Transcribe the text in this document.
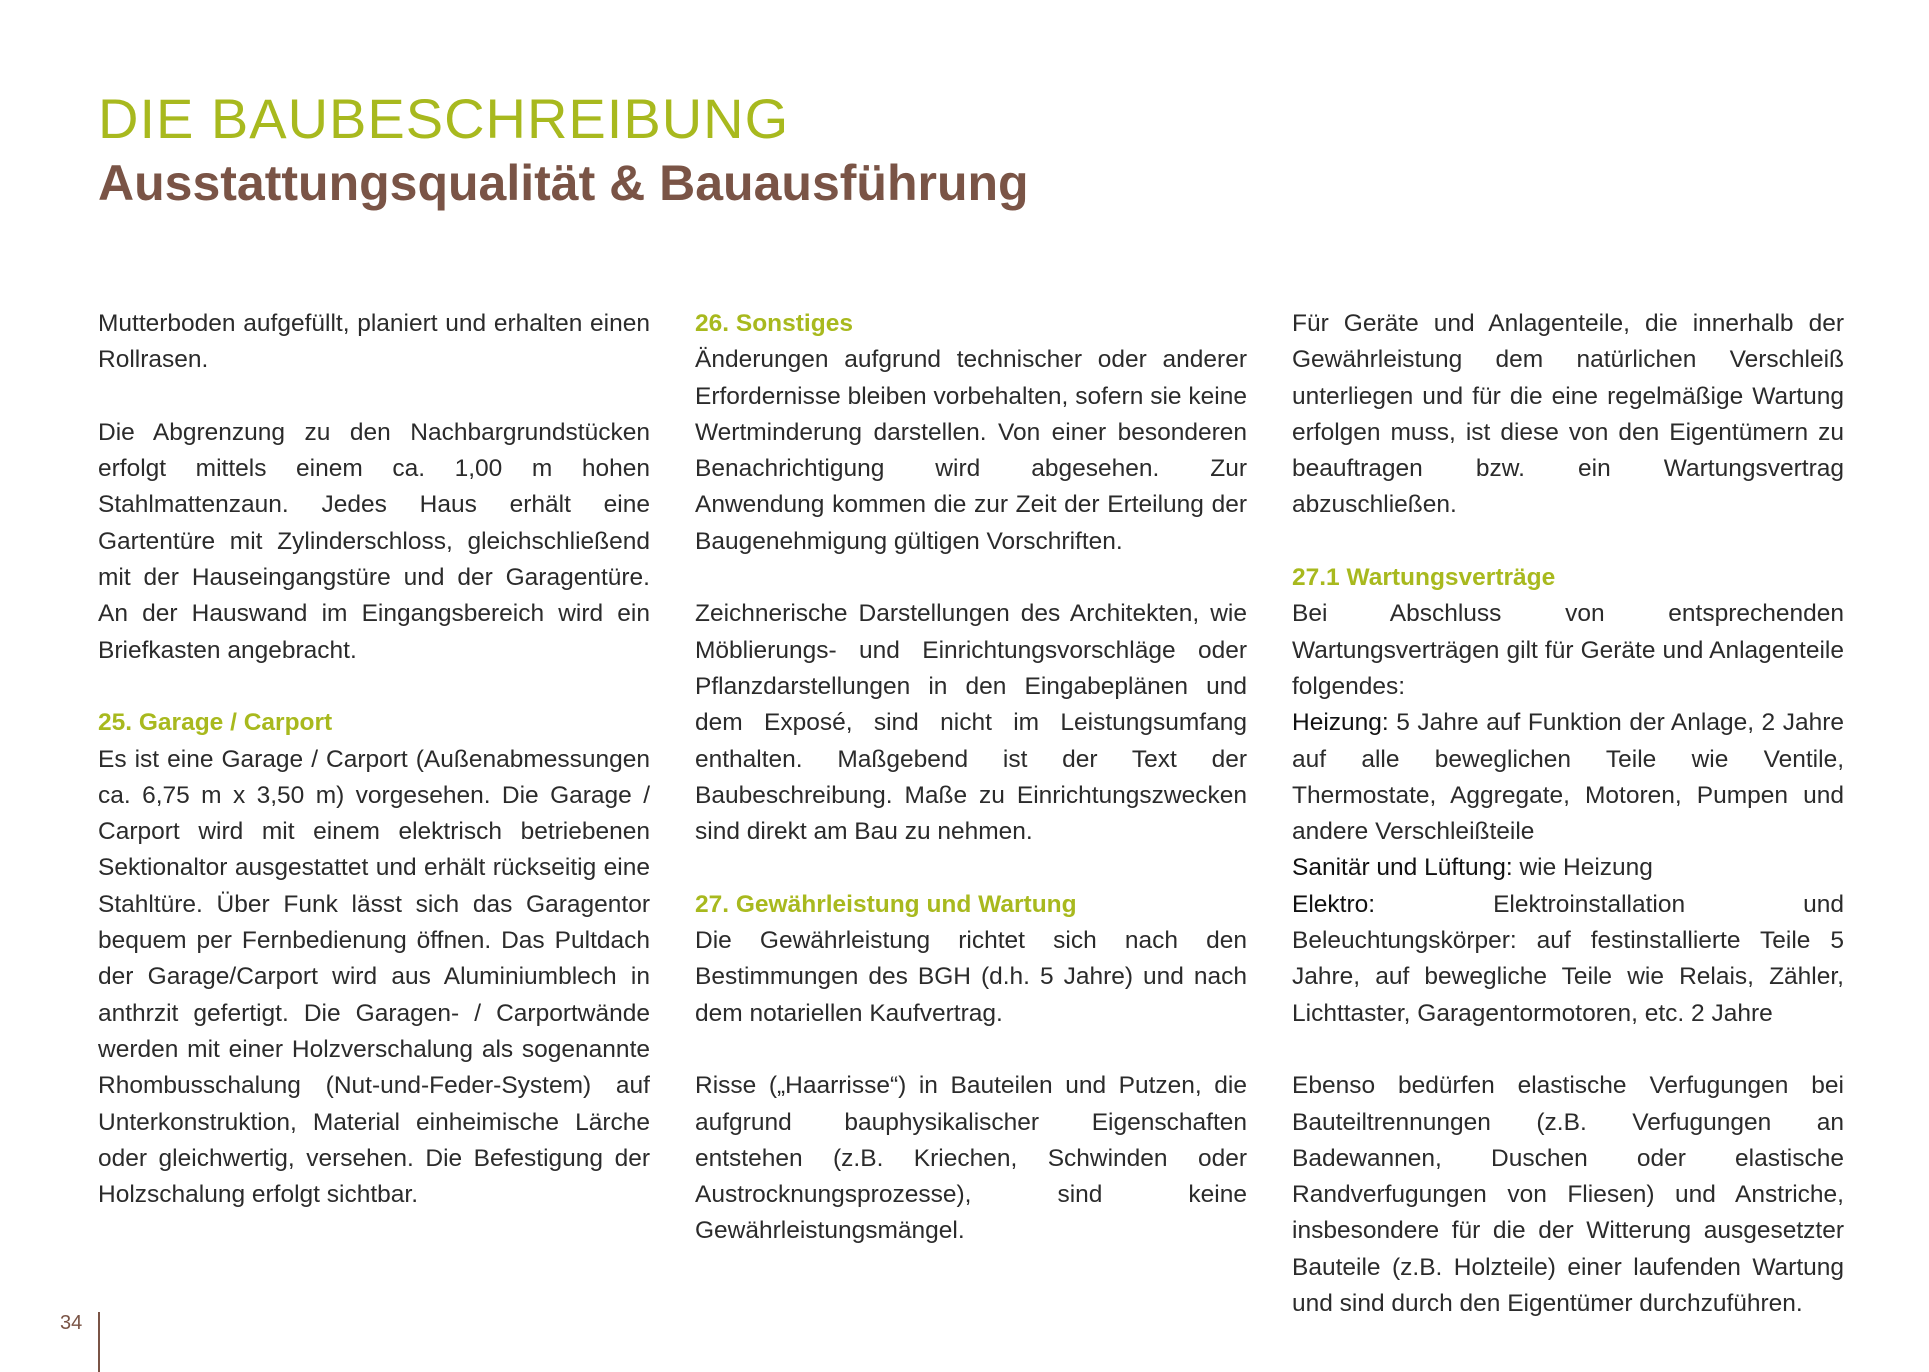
DIE BAUBESCHREIBUNG
Ausstattungsqualität & Bauausführung

Mutterboden aufgefüllt, planiert und erhalten einen Rollrasen.

Die Abgrenzung zu den Nachbargrundstücken erfolgt mittels einem ca. 1,00 m hohen Stahlmattenzaun. Jedes Haus erhält eine Gartentüre mit Zylinderschloss, gleichschließend mit der Hauseingangstüre und der Garagentüre. An der Hauswand im Eingangsbereich wird ein Briefkasten angebracht.

25. Garage / Carport
Es ist eine Garage / Carport (Außenabmessungen ca. 6,75 m x 3,50 m) vorgesehen. Die Garage / Carport wird mit einem elektrisch betriebenen Sektionaltor ausgestattet und erhält rückseitig eine Stahltüre. Über Funk lässt sich das Garagentor bequem per Fernbedienung öffnen. Das Pultdach der Garage/Carport wird aus Aluminiumblech in anthrzit gefertigt. Die Garagen- / Carportwände werden mit einer Holzverschalung als sogenannte Rhombusschalung (Nut-und-Feder-System) auf Unterkonstruktion, Material einheimische Lärche oder gleichwertig, versehen. Die Befestigung der Holzschalung erfolgt sichtbar.

26. Sonstiges
Änderungen aufgrund technischer oder anderer Erfordernisse bleiben vorbehalten, sofern sie keine Wertminderung darstellen. Von einer besonderen Benachrichtigung wird abgesehen. Zur Anwendung kommen die zur Zeit der Erteilung der Baugenehmigung gültigen Vorschriften.

Zeichnerische Darstellungen des Architekten, wie Möblierungs- und Einrichtungsvorschläge oder Pflanzdarstellungen in den Eingabeplänen und dem Exposé, sind nicht im Leistungsumfang enthalten. Maßgebend ist der Text der Baubeschreibung. Maße zu Einrichtungszwecken sind direkt am Bau zu nehmen.

27. Gewährleistung und Wartung
Die Gewährleistung richtet sich nach den Bestimmungen des BGH (d.h. 5 Jahre) und nach dem notariellen Kaufvertrag.

Risse („Haarrisse“) in Bauteilen und Putzen, die aufgrund bauphysikalischer Eigenschaften entstehen (z.B. Kriechen, Schwinden oder Austrocknungsprozesse), sind keine Gewährleistungsmängel.

Für Geräte und Anlagenteile, die innerhalb der Gewährleistung dem natürlichen Verschleiß unterliegen und für die eine regelmäßige Wartung erfolgen muss, ist diese von den Eigentümern zu beauftragen bzw. ein Wartungsvertrag abzuschließen.

27.1 Wartungsverträge
Bei Abschluss von entsprechenden Wartungsverträgen gilt für Geräte und Anlagenteile folgendes:
Heizung: 5 Jahre auf Funktion der Anlage, 2 Jahre auf alle beweglichen Teile wie Ventile, Thermostate, Aggregate, Motoren, Pumpen und andere Verschleißteile
Sanitär und Lüftung: wie Heizung
Elektro: Elektroinstallation und Beleuchtungskörper: auf festinstallierte Teile 5 Jahre, auf bewegliche Teile wie Relais, Zähler, Lichttaster, Garagentormotoren, etc. 2 Jahre

Ebenso bedürfen elastische Verfugungen bei Bauteiltrennungen (z.B. Verfugungen an Badewannen, Duschen oder elastische Randverfugungen von Fliesen) und Anstriche, insbesondere für die der Witterung ausgesetzter Bauteile (z.B. Holzteile) einer laufenden Wartung und sind durch den Eigentümer durchzuführen.

34
